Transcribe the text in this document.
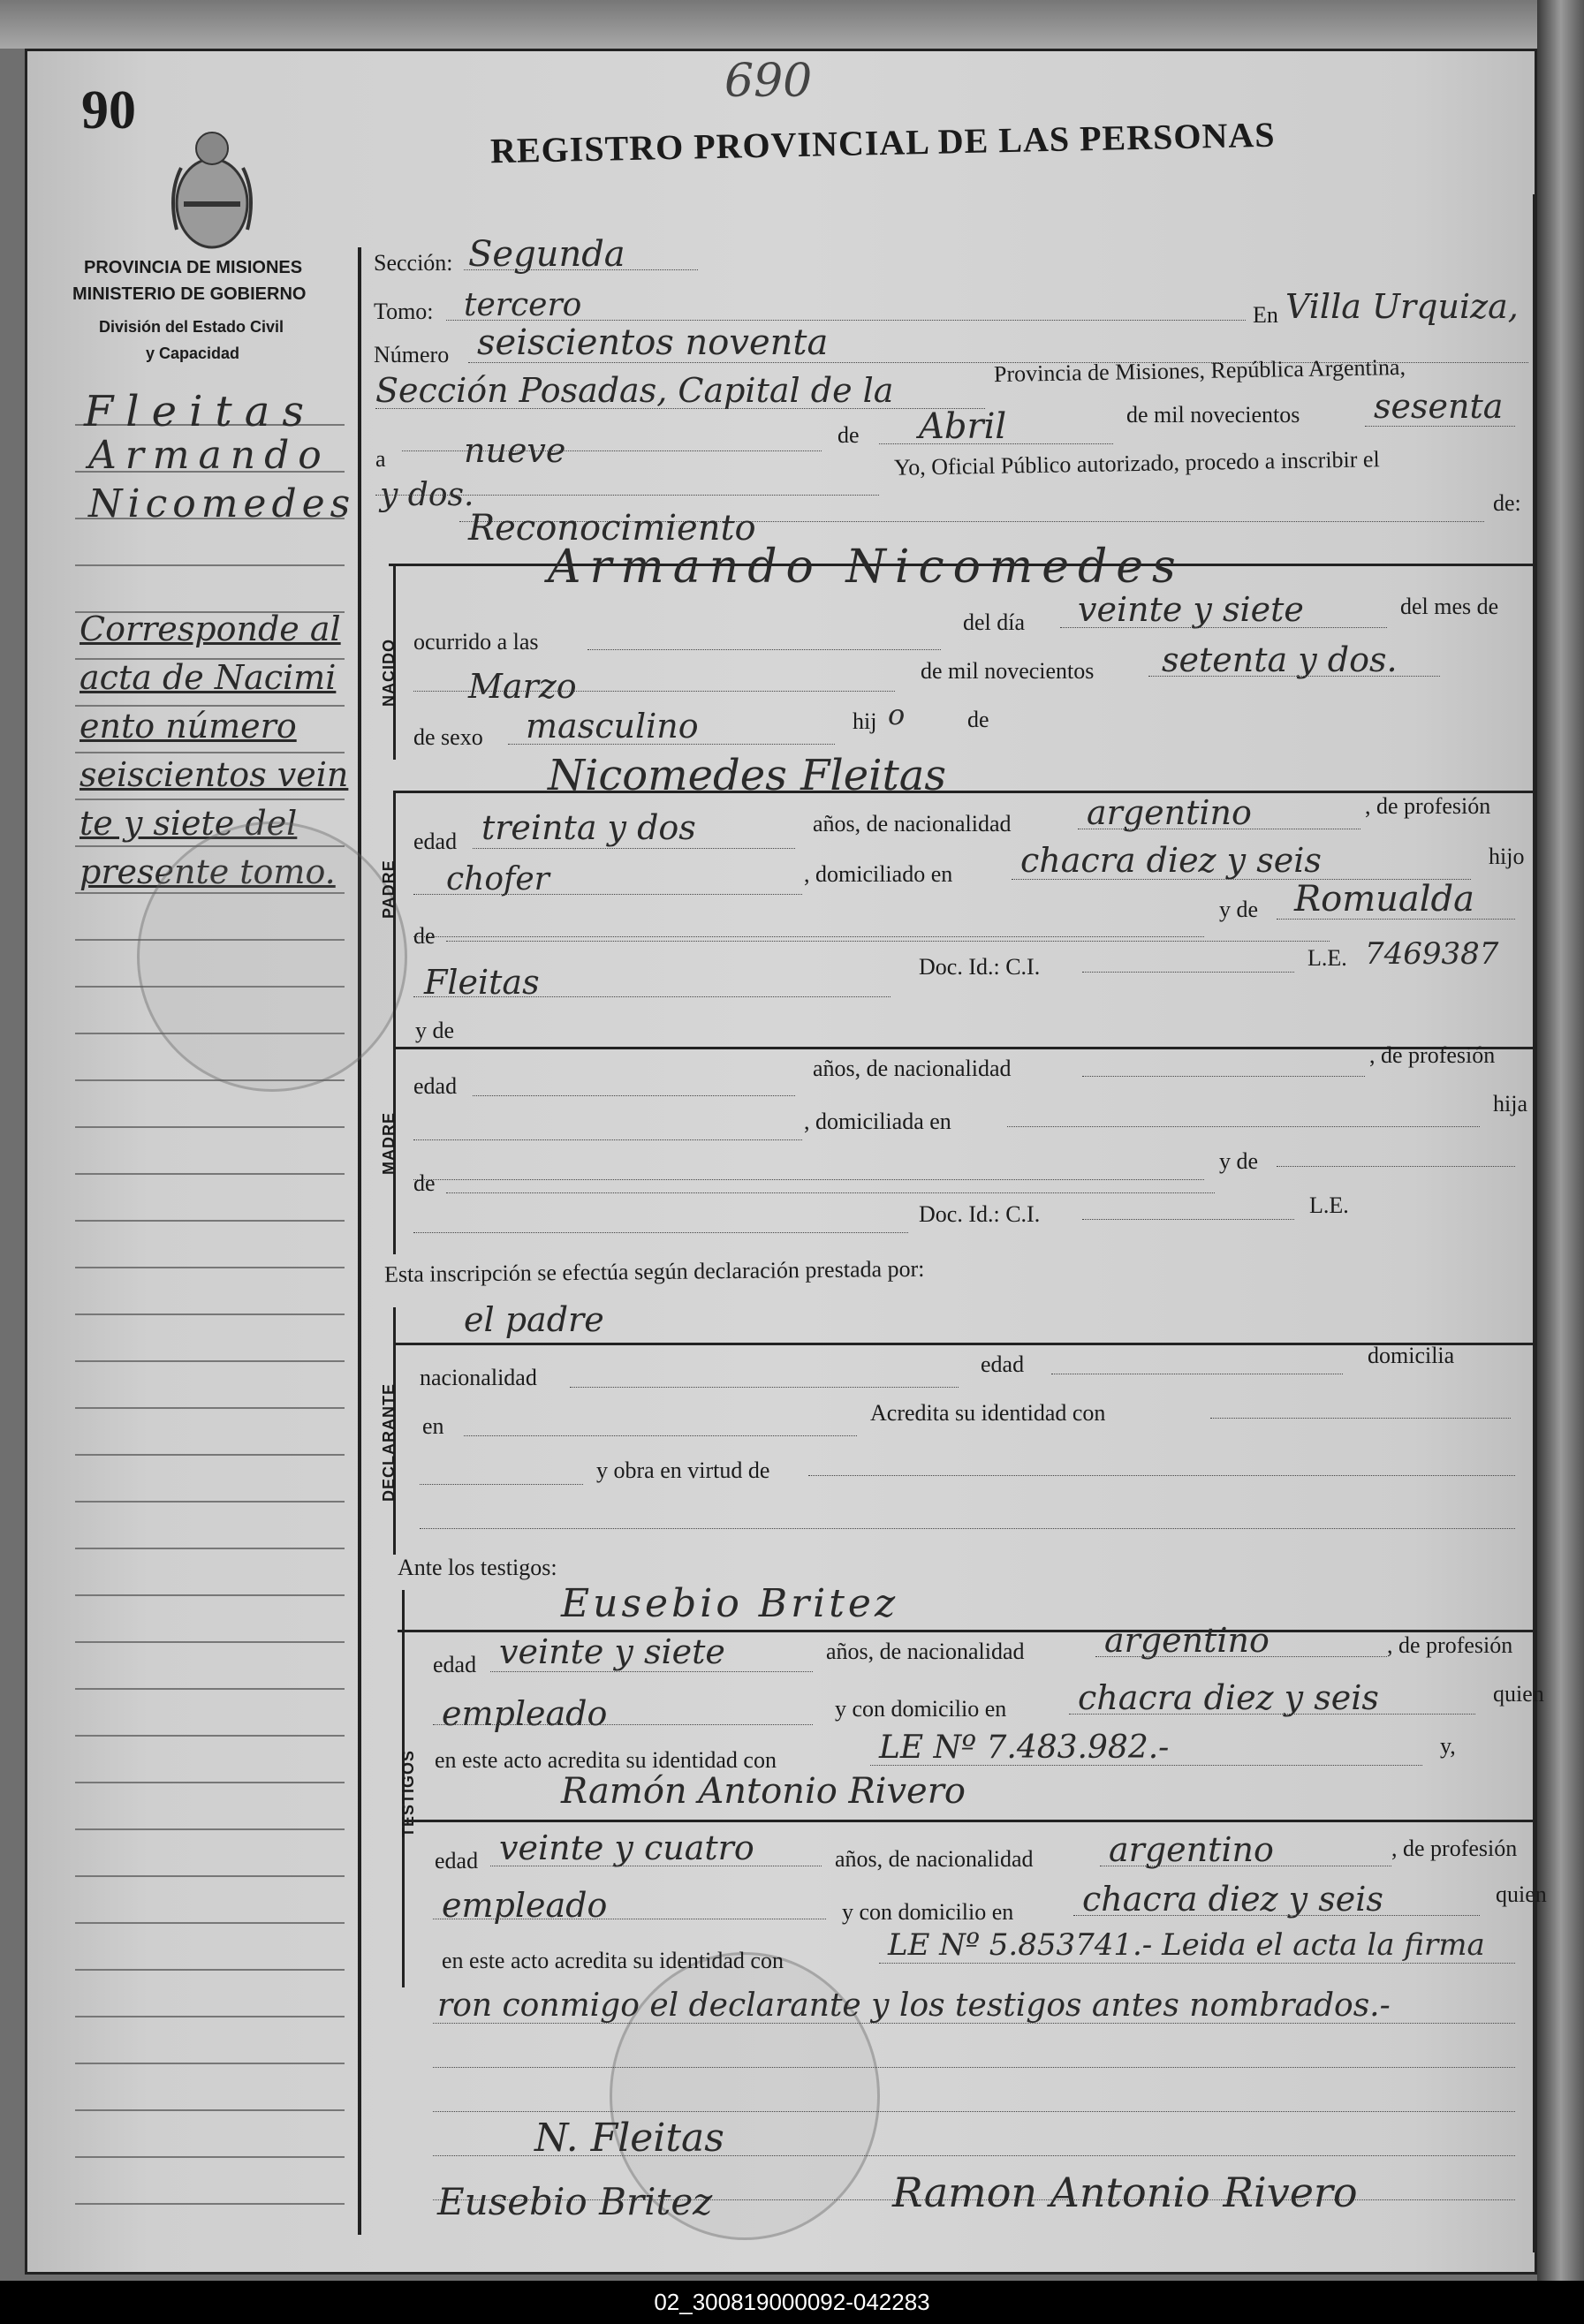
90	690
REGISTRO PROVINCIAL DE LAS PERSONAS
PROVINCIA DE MISIONES
MINISTERIO DE GOBIERNO
División del Estado Civil
y Capacidad
Fleitas
Armando
Nicomedes
Corresponde al
acta de Nacimi
ento número
seiscientos vein
te y siete del
presente tomo.
Sección: Segunda
Tomo: tercero	En Villa Urquiza,
Número seiscientos noventa
Sección Posadas, Capital de la
Provincia de Misiones, República Argentina,
de mil novecientos sesenta
a nueve	de Abril
Yo, Oficial Público autorizado, procedo a inscribir el
y dos.	de:
Reconocimiento
Armando Nicomedes
NACIDO ocurrido a las
del día veinte y siete	del mes de
Marzo	de mil novecientos setenta y dos.
de sexo masculino	hij o	de
Nicomedes Fleitas
PADRE
edad treinta y dos	años, de nacionalidad argentino	, de profesión
chofer	, domiciliado en chacra diez y seis	hijo
y de Romualda
de
Fleitas	Doc. Id.: C.I.	L.E. 7469387
MADRE
y de
edad
años, de nacionalidad
, de profesión
, domiciliada en
hija
y de
de
Doc. Id.: C.I.	L.E.
Esta inscripción se efectúa según declaración prestada por:
el padre
DECLARANTE
nacionalidad
edad	domicilia
en
Acredita su identidad con
y obra en virtud de
Ante los testigos:
Eusebio Britez
TESTIGOS
edad veinte y siete	años, de nacionalidad argentino	, de profesión
empleado	y con domicilio en chacra diez y seis	quien
en este acto acredita su identidad con	LE Nº 7.483.982.-	y,
Ramón Antonio Rivero
edad veinte y cuatro	años, de nacionalidad argentino	, de profesión
empleado	y con domicilio en chacra diez y seis	quien
en este acto acredita su identidad con	LE Nº 5.853741.- Leida el acta la firma
ron conmigo el declarante y los testigos antes nombrados.-
N. Fleitas
Eusebio Britez	Ramon Antonio Rivero
02_300819000092-042283
